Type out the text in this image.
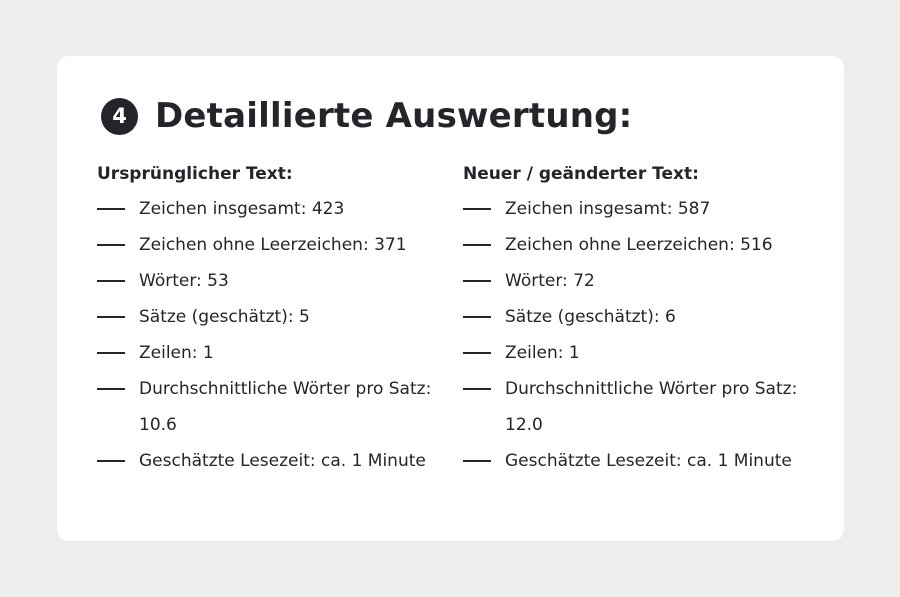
4 Detaillierte Auswertung:
Ursprünglicher Text:
Zeichen insgesamt: 423
Zeichen ohne Leerzeichen: 371
Wörter: 53
Sätze (geschätzt): 5
Zeilen: 1
Durchschnittliche Wörter pro Satz: 10.6
Geschätzte Lesezeit: ca. 1 Minute
Neuer / geänderter Text:
Zeichen insgesamt: 587
Zeichen ohne Leerzeichen: 516
Wörter: 72
Sätze (geschätzt): 6
Zeilen: 1
Durchschnittliche Wörter pro Satz: 12.0
Geschätzte Lesezeit: ca. 1 Minute
